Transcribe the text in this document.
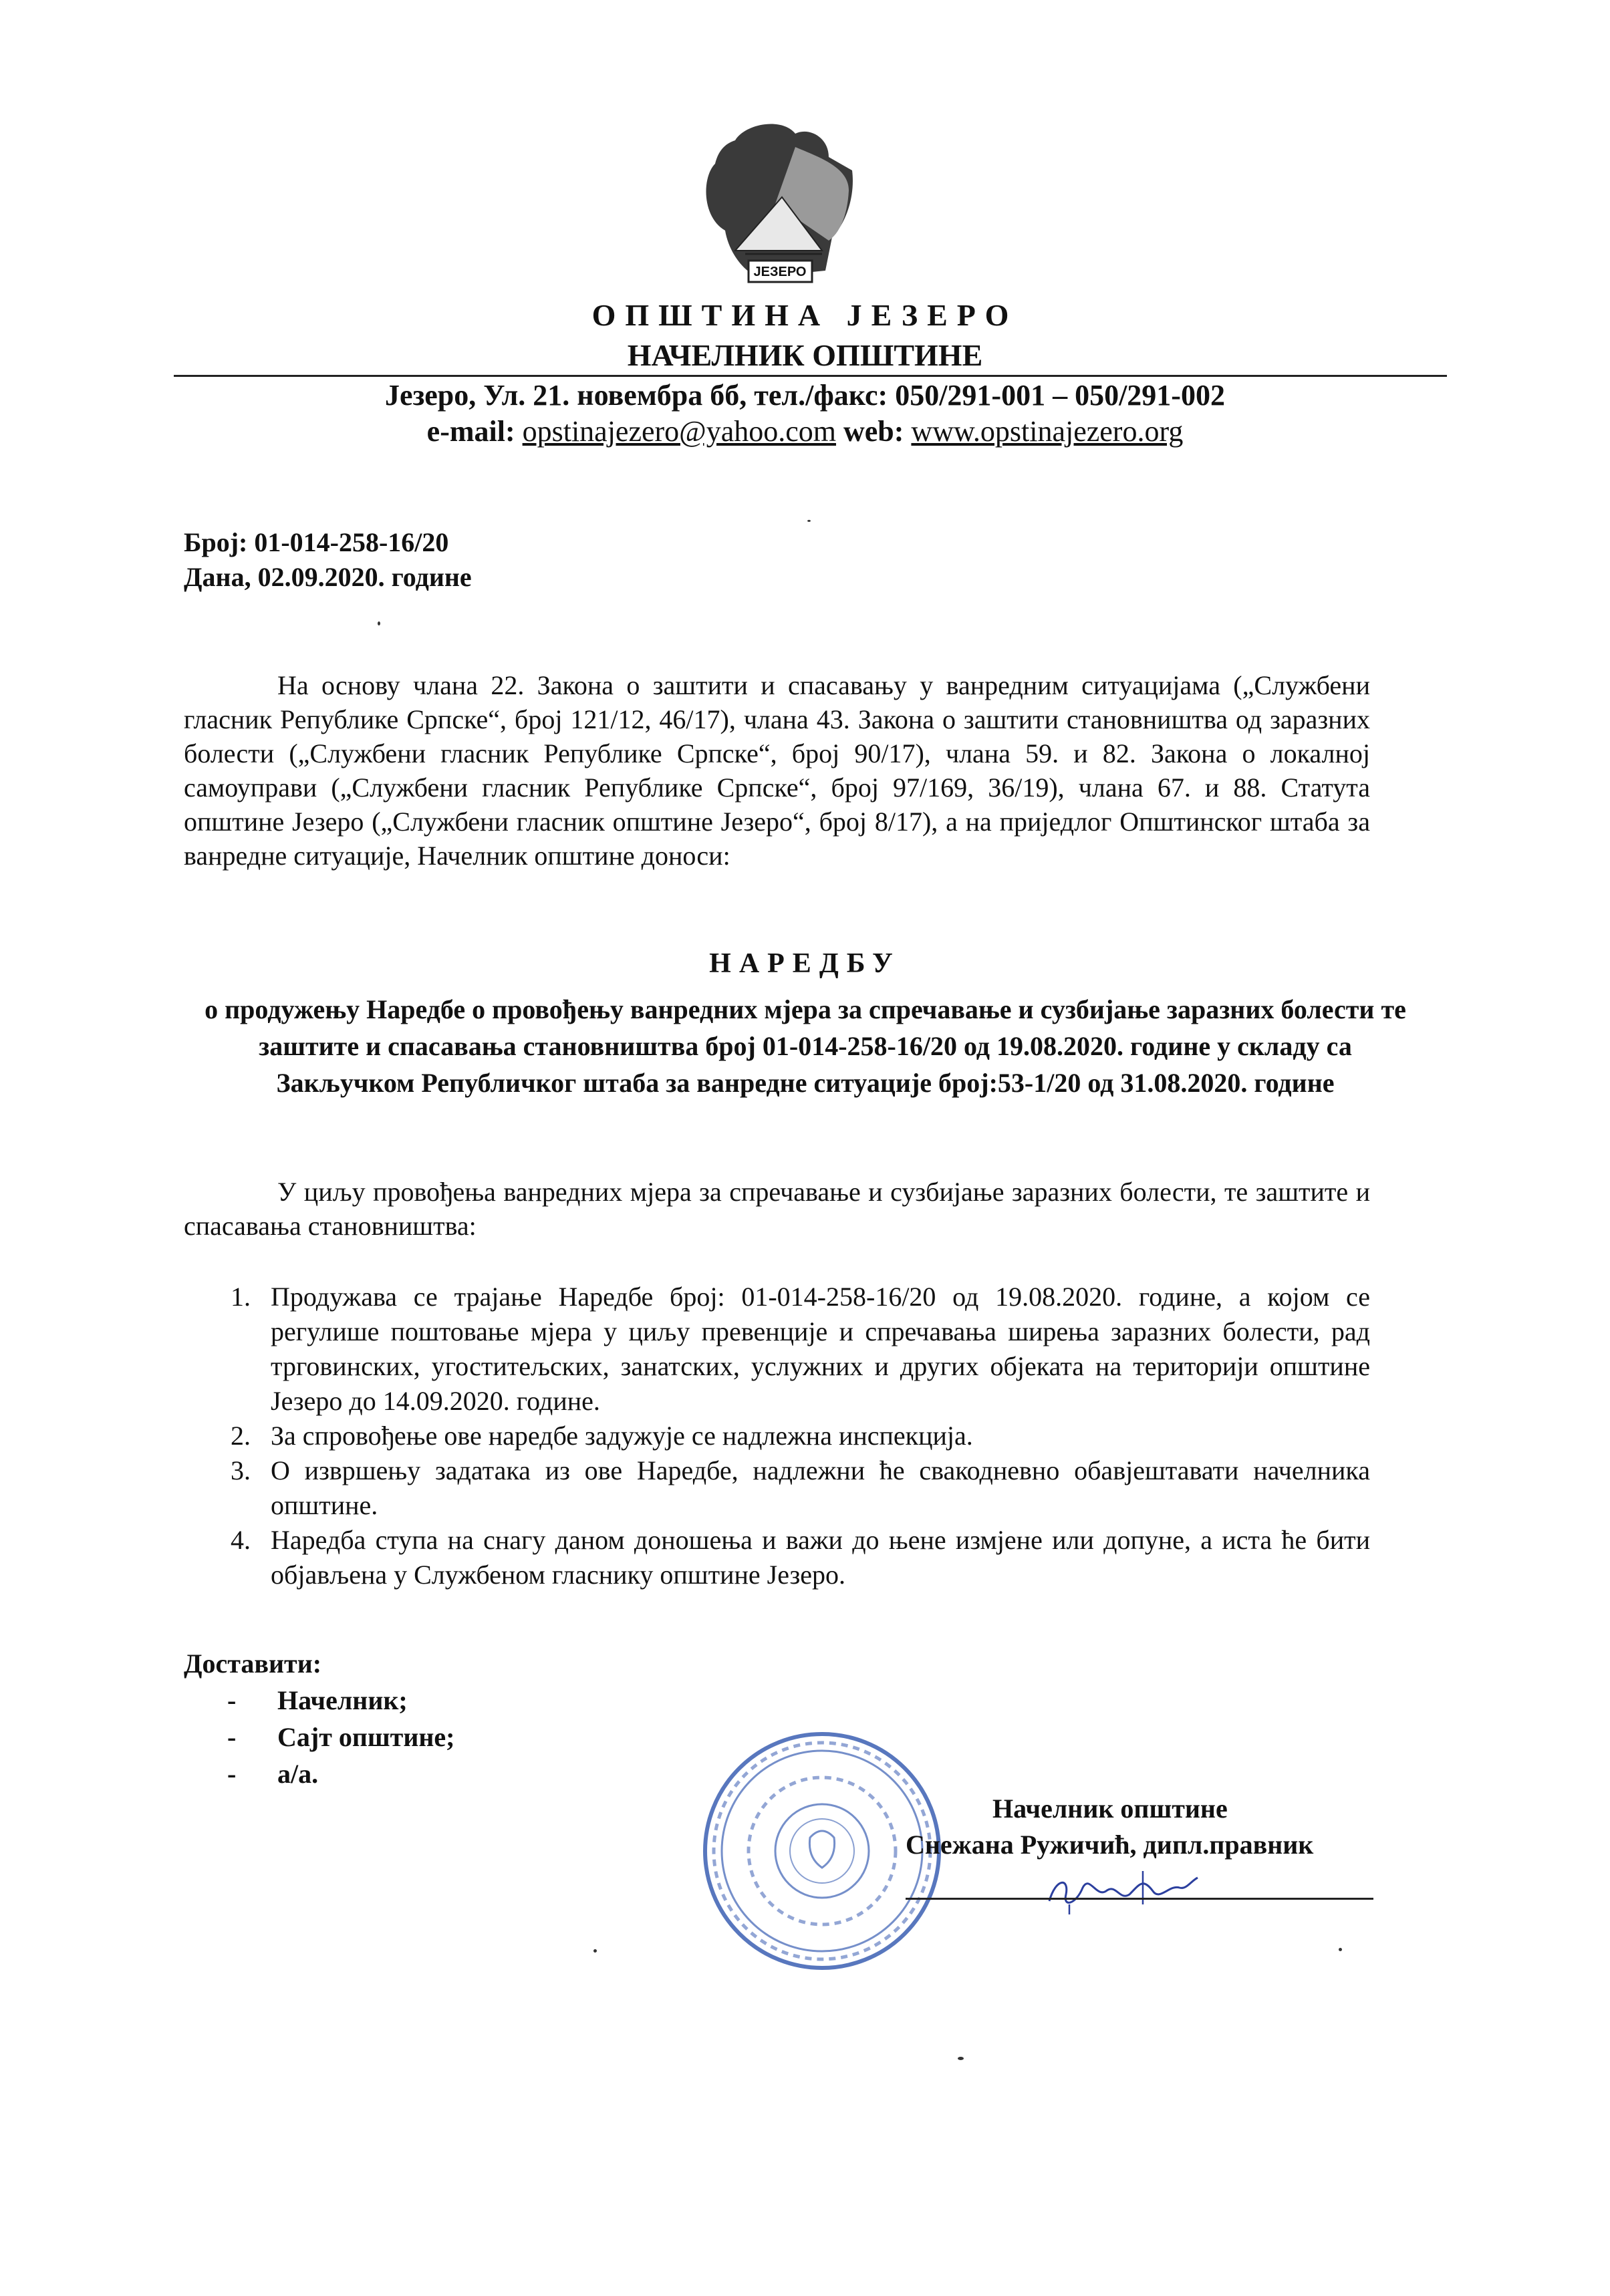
ЈЕЗЕРО
ОПШТИНА ЈЕЗЕРО
НАЧЕЛНИК ОПШТИНЕ
Језеро, Ул. 21. новембра бб, тел./факс: 050/291-001 – 050/291-002
e-mail: opstinajezero@yahoo.com web: www.opstinajezero.org
Број: 01-014-258-16/20
Дана, 02.09.2020. године
На основу члана 22. Закона о заштити и спасавању у ванредним ситуацијама („Службени гласник Републике Српске“, број 121/12, 46/17), члана 43. Закона о заштити становништва од заразних болести („Службени гласник Републике Српске“, број 90/17), члана 59. и 82. Закона о локалној самоуправи („Службени гласник Републике Српске“, број 97/169, 36/19), члана 67. и 88. Статута општине Језеро („Службени гласник општине Језеро“, број 8/17), а на приједлог Општинског штаба за ванредне ситуације, Начелник општине доноси:
НАРЕДБУ
о продужењу Наредбе о провођењу ванредних мјера за спречавање и сузбијање заразних болести те заштите и спасавања становништва број 01-014-258-16/20 од 19.08.2020. године у складу са Закључком Републичког штаба за ванредне ситуације број:53-1/20 од 31.08.2020. године
У циљу провођења ванредних мјера за спречавање и сузбијање заразних болести, те заштите и спасавања становништва:
1. Продужава се трајање Наредбе број: 01-014-258-16/20 од 19.08.2020. године, а којом се регулише поштовање мјера у циљу превенције и спречавања ширења заразних болести, рад трговинских, угоститељских, занатских, услужних и других објеката на територији општине Језеро до 14.09.2020. године.
2. За спровођење ове наредбе задужује се надлежна инспекција.
3. О извршењу задатака из ове Наредбе, надлежни ће свакодневно обавјештавати начелника општине.
4. Наредба ступа на снагу даном доношења и важи до њене измјене или допуне, а иста ће бити објављена у Службеном гласнику општине Језеро.
Доставити:
- Начелник;
- Сајт општине;
- а/а.
Начелник општине
Снежана Ружичић, дипл.правник
